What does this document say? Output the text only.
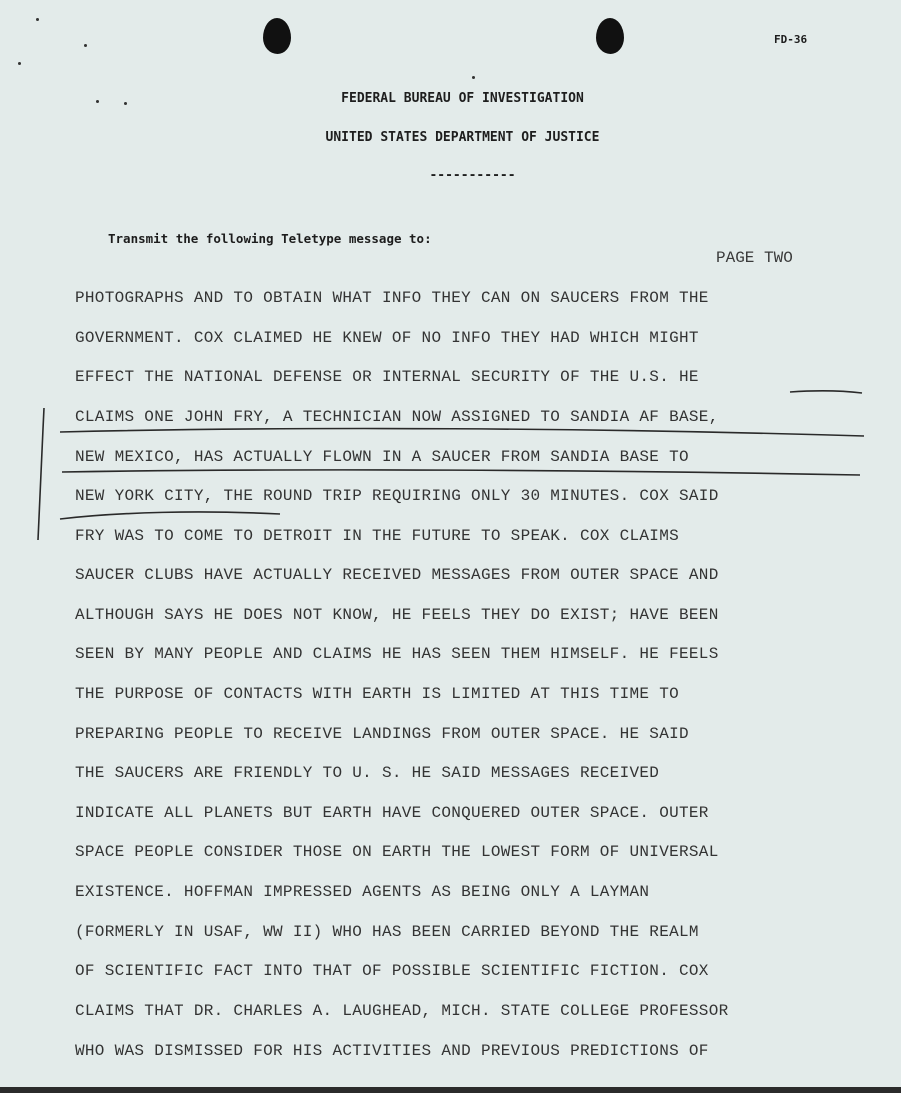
FD-36
FEDERAL BUREAU OF INVESTIGATION
UNITED STATES DEPARTMENT OF JUSTICE
-----------
Transmit the following Teletype message to:
PAGE TWO
PHOTOGRAPHS AND TO OBTAIN WHAT INFO THEY CAN ON SAUCERS FROM THE
GOVERNMENT. COX CLAIMED HE KNEW OF NO INFO THEY HAD WHICH MIGHT
EFFECT THE NATIONAL DEFENSE OR INTERNAL SECURITY OF THE U.S. HE
CLAIMS ONE JOHN FRY, A TECHNICIAN NOW ASSIGNED TO SANDIA AF BASE,
NEW MEXICO, HAS ACTUALLY FLOWN IN A SAUCER FROM SANDIA BASE TO
NEW YORK CITY, THE ROUND TRIP REQUIRING ONLY 30 MINUTES. COX SAID
FRY WAS TO COME TO DETROIT IN THE FUTURE TO SPEAK. COX CLAIMS
SAUCER CLUBS HAVE ACTUALLY RECEIVED MESSAGES FROM OUTER SPACE AND
ALTHOUGH SAYS HE DOES NOT KNOW, HE FEELS THEY DO EXIST; HAVE BEEN
SEEN BY MANY PEOPLE AND CLAIMS HE HAS SEEN THEM HIMSELF. HE FEELS
THE PURPOSE OF CONTACTS WITH EARTH IS LIMITED AT THIS TIME TO
PREPARING PEOPLE TO RECEIVE LANDINGS FROM OUTER SPACE. HE SAID
THE SAUCERS ARE FRIENDLY TO U. S. HE SAID MESSAGES RECEIVED
INDICATE ALL PLANETS BUT EARTH HAVE CONQUERED OUTER SPACE. OUTER
SPACE PEOPLE CONSIDER THOSE ON EARTH THE LOWEST FORM OF UNIVERSAL
EXISTENCE. HOFFMAN IMPRESSED AGENTS AS BEING ONLY A LAYMAN
(FORMERLY IN USAF, WW II) WHO HAS BEEN CARRIED BEYOND THE REALM
OF SCIENTIFIC FACT INTO THAT OF POSSIBLE SCIENTIFIC FICTION. COX
CLAIMS THAT DR. CHARLES A. LAUGHEAD, MICH. STATE COLLEGE PROFESSOR
WHO WAS DISMISSED FOR HIS ACTIVITIES AND PREVIOUS PREDICTIONS OF
